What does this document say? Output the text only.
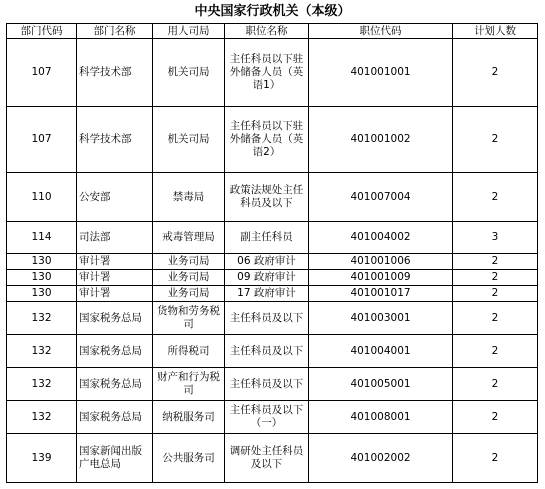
中央国家行政机关（本级）
部门代码	部门名称	用人司局	职位名称	职位代码	计划人数
107	科学技术部	机关司局	主任科员以下驻外储备人员（英语1）	401001001	2
107	科学技术部	机关司局	主任科员以下驻外储备人员（英语2）	401001002	2
110	公安部	禁毒局	政策法规处主任科员及以下	401007004	2
114	司法部	戒毒管理局	副主任科员	401004002	3
130	审计署	业务司局	06 政府审计	401001006	2
130	审计署	业务司局	09 政府审计	401001009	2
130	审计署	业务司局	17 政府审计	401001017	2
132	国家税务总局	货物和劳务税司	主任科员及以下	401003001	2
132	国家税务总局	所得税司	主任科员及以下	401004001	2
132	国家税务总局	财产和行为税司	主任科员及以下	401005001	2
132	国家税务总局	纳税服务司	主任科员及以下（一）	401008001	2
139	国家新闻出版广电总局	公共服务司	调研处主任科员及以下	401002002	2
